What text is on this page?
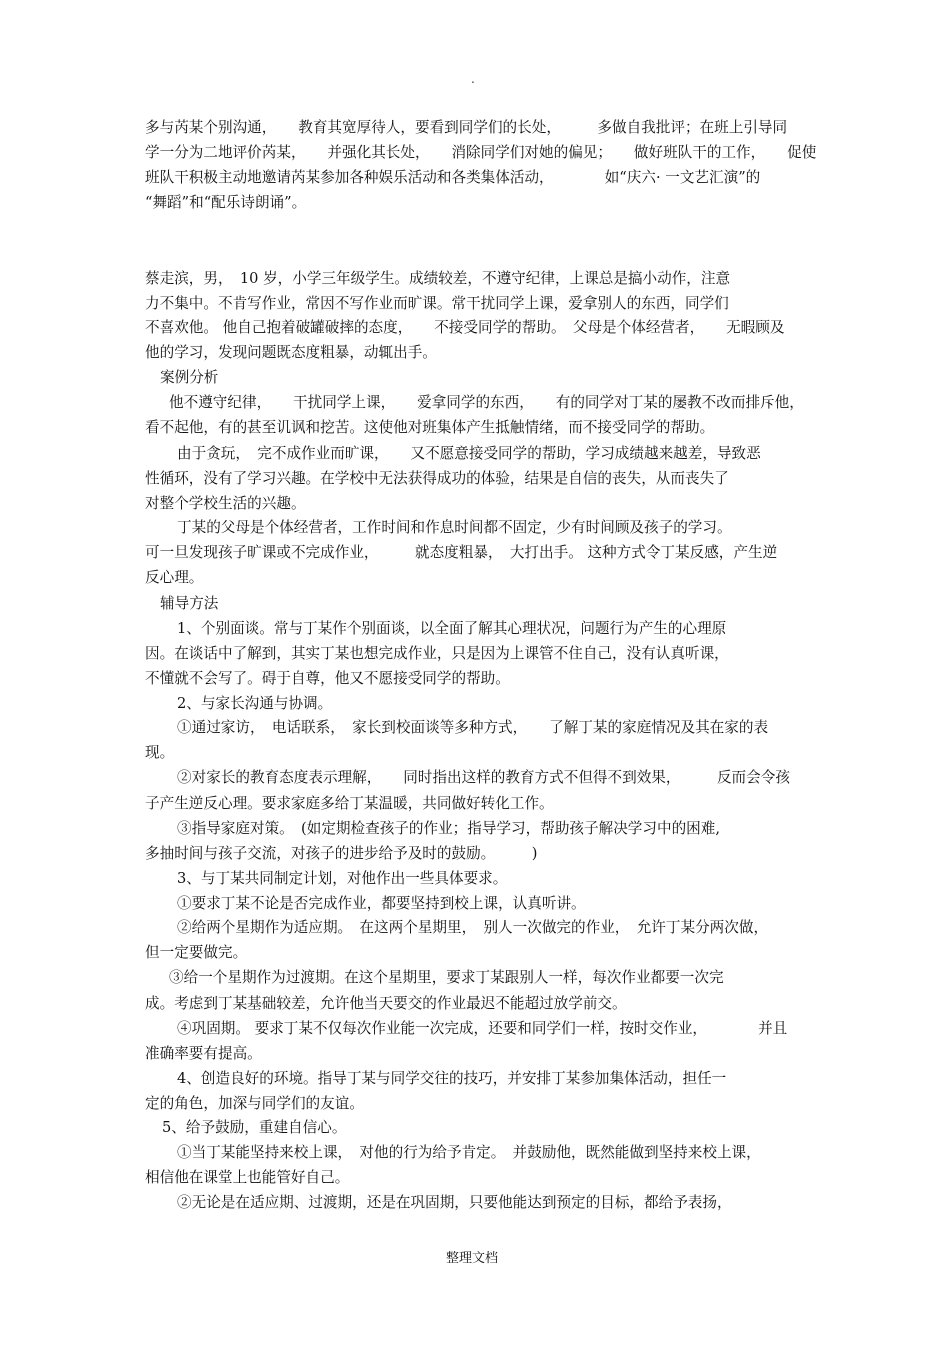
.

多与芮某个别沟通，　　教育其宽厚待人，要看到同学们的长处，　　　多做自我批评；在班上引导同

学一分为二地评价芮某，　　并强化其长处，　　消除同学们对她的偏见；　　做好班队干的工作，　　促使

班队干积极主动地邀请芮某参加各种娱乐活动和各类集体活动，　　　　如“庆六· 一文艺汇演”的

“舞蹈”和“配乐诗朗诵”。

蔡走滨，男，　10 岁，小学三年级学生。成绩较差，不遵守纪律，上课总是搞小动作，注意

力不集中。不肯写作业，常因不写作业而旷课。常干扰同学上课，爱拿别人的东西，同学们

不喜欢他。 他自己抱着破罐破摔的态度，　　不接受同学的帮助。　父母是个体经营者，　　无暇顾及

他的学习，发现问题既态度粗暴，动辄出手。

案例分析

他不遵守纪律，　　干扰同学上课，　　爱拿同学的东西，　　有的同学对丁某的屡教不改而排斥他，

看不起他，有的甚至讥讽和挖苦。这使他对班集体产生抵触情绪，而不接受同学的帮助。

由于贪玩，　完不成作业而旷课，　　又不愿意接受同学的帮助，学习成绩越来越差，导致恶

性循环，没有了学习兴趣。在学校中无法获得成功的体验，结果是自信的丧失，从而丧失了

对整个学校生活的兴趣。

丁某的父母是个体经营者，工作时间和作息时间都不固定，少有时间顾及孩子的学习。

可一旦发现孩子旷课或不完成作业，　　　就态度粗暴，　大打出手。 这种方式令丁某反感，产生逆

反心理。

辅导方法

1、个别面谈。常与丁某作个别面谈，以全面了解其心理状况，问题行为产生的心理原

因。在谈话中了解到，其实丁某也想完成作业，只是因为上课管不住自己，没有认真听课，

不懂就不会写了。碍于自尊，他又不愿接受同学的帮助。

2、与家长沟通与协调。

①通过家访，　电话联系，　家长到校面谈等多种方式，　　了解丁某的家庭情况及其在家的表

现。

②对家长的教育态度表示理解，　　同时指出这样的教育方式不但得不到效果，　　　反而会令孩

子产生逆反心理。要求家庭多给丁某温暖，共同做好转化工作。

③指导家庭对策。　(如定期检查孩子的作业；指导学习，帮助孩子解决学习中的困难,

多抽时间与孩子交流，对孩子的进步给予及时的鼓励。　　　)

3、与丁某共同制定计划，对他作出一些具体要求。

①要求丁某不论是否完成作业，都要坚持到校上课，认真听讲。

②给两个星期作为适应期。　在这两个星期里，　别人一次做完的作业，　允许丁某分两次做，

但一定要做完。

③给一个星期作为过渡期。在这个星期里，要求丁某跟别人一样，每次作业都要一次完

成。考虑到丁某基础较差，允许他当天要交的作业最迟不能超过放学前交。

④巩固期。 要求丁某不仅每次作业能一次完成，还要和同学们一样，按时交作业，　　　　并且

准确率要有提高。

4、创造良好的环境。指导丁某与同学交往的技巧，并安排丁某参加集体活动，担任一

定的角色，加深与同学们的友谊。

5、给予鼓励，重建自信心。

①当丁某能坚持来校上课，　对他的行为给予肯定。　并鼓励他，既然能做到坚持来校上课，

相信他在课堂上也能管好自己。

②无论是在适应期、过渡期，还是在巩固期，只要他能达到预定的目标，都给予表扬，

整理文档
